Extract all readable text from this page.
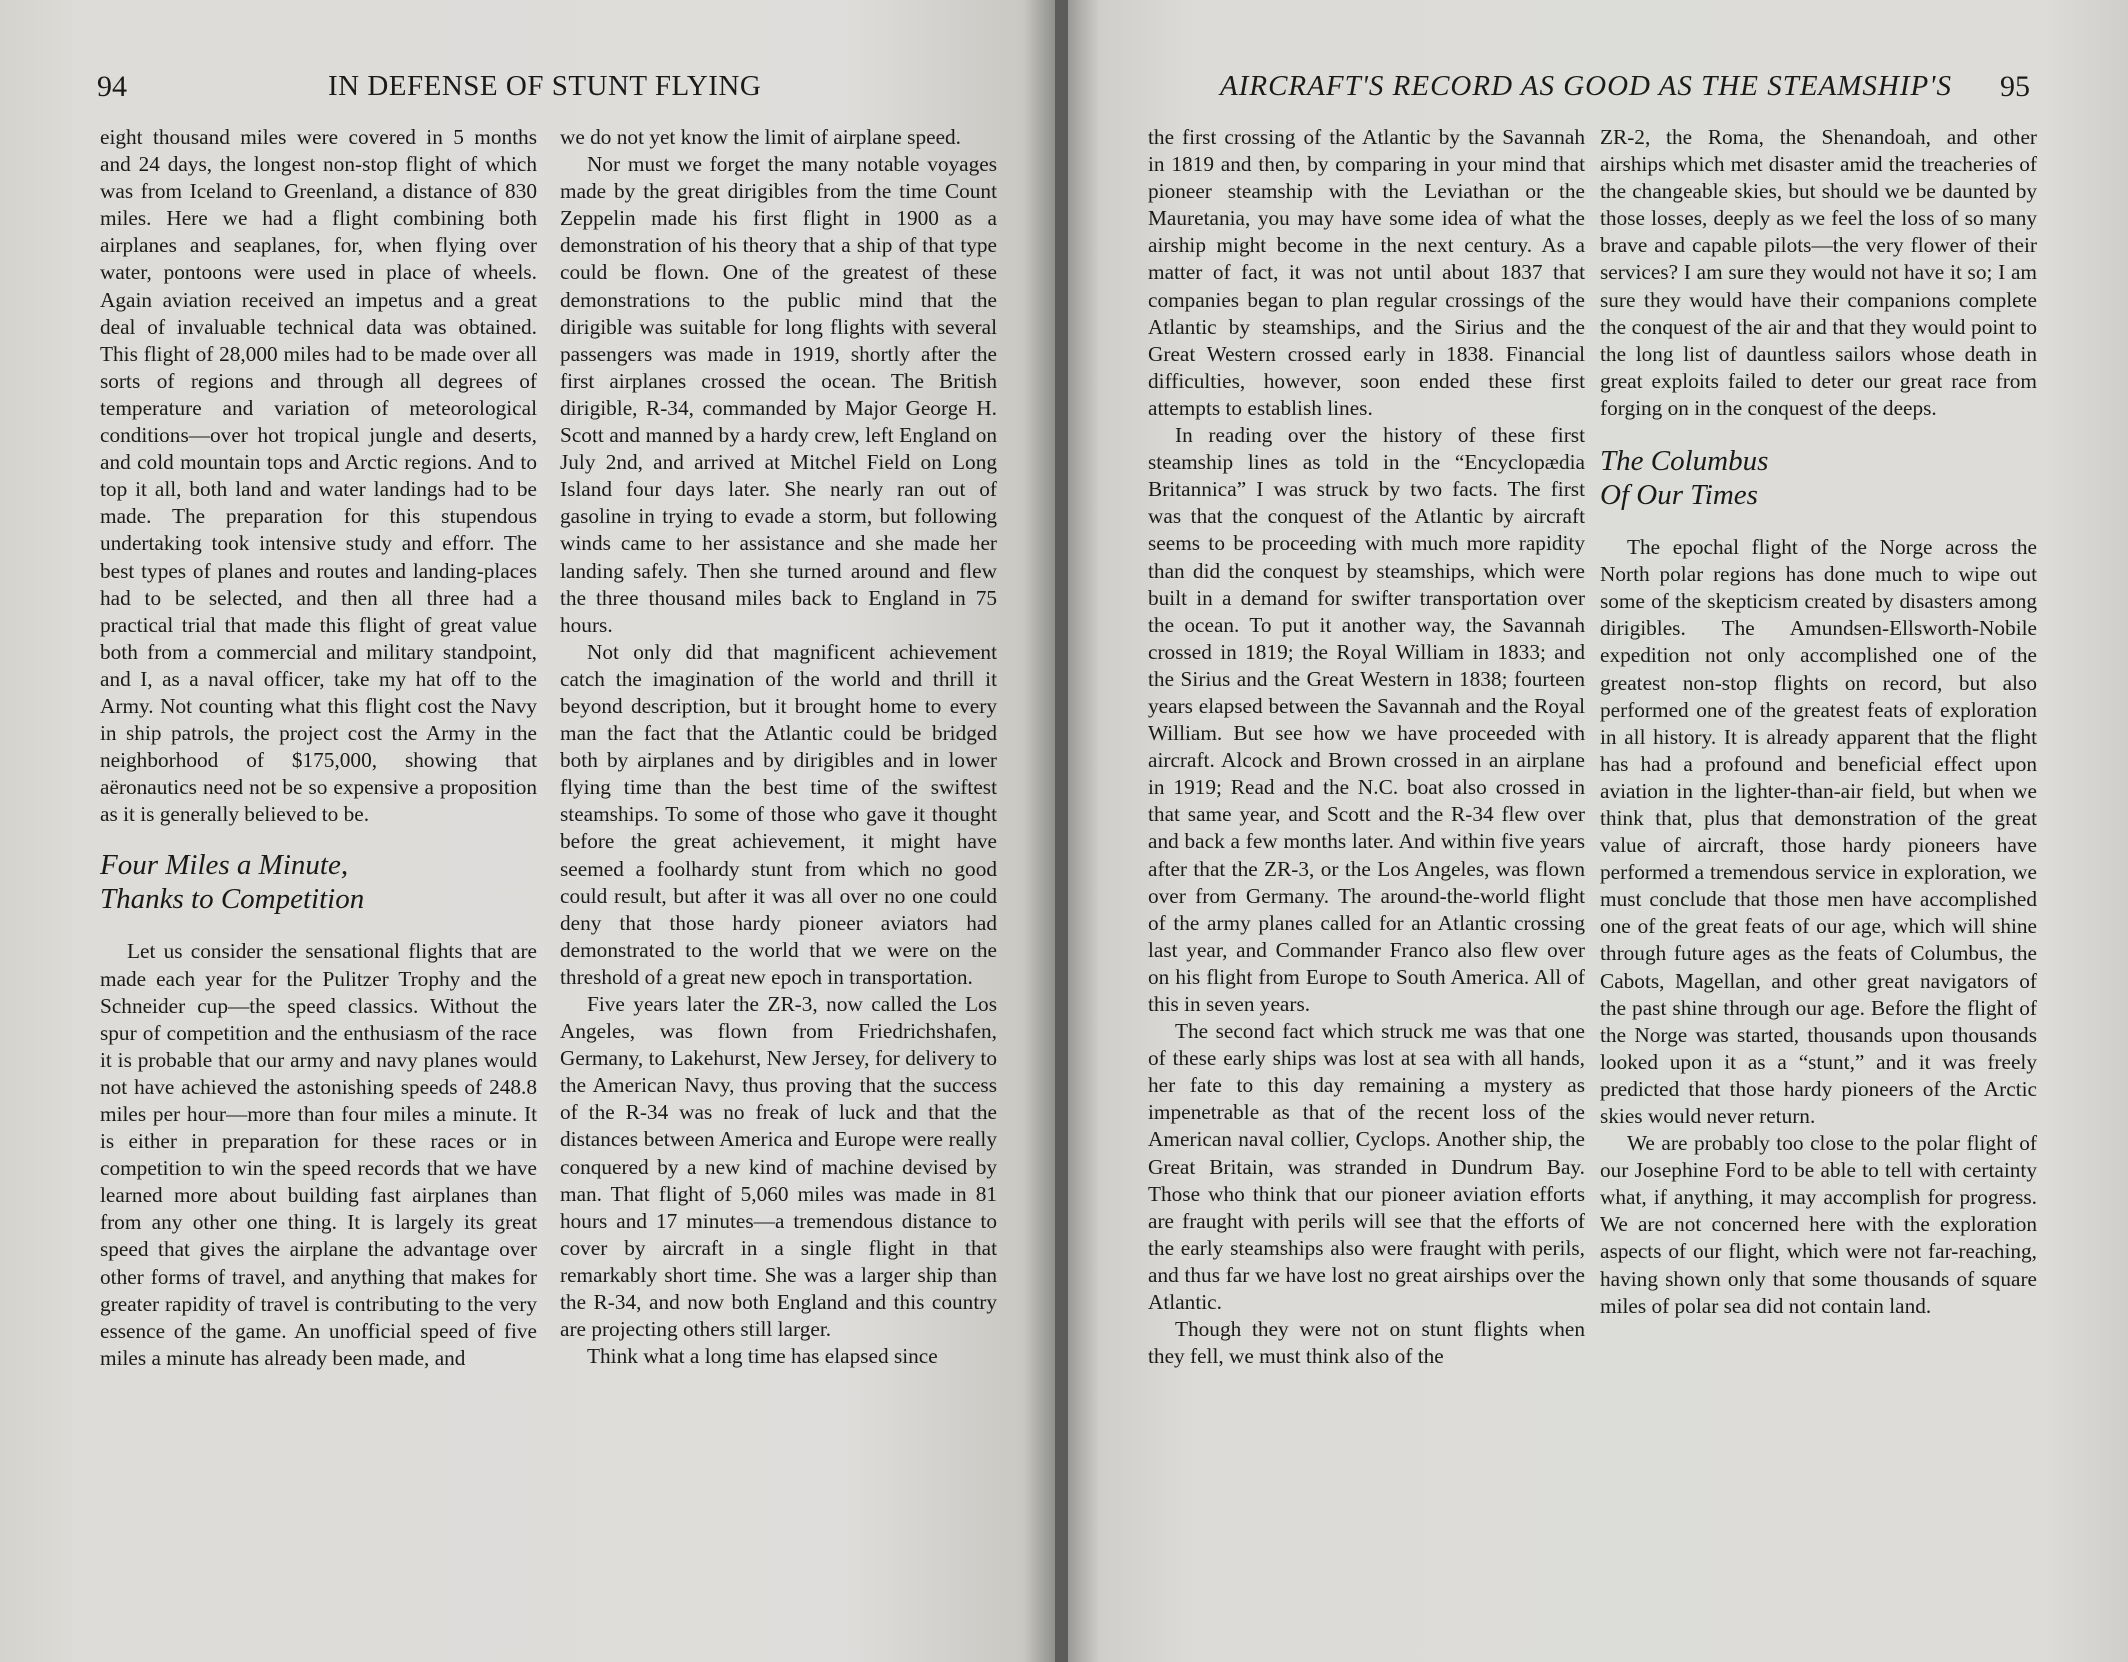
94	IN DEFENSE OF STUNT FLYING

eight thousand miles were covered in 5 months and 24 days, the longest non-stop flight of which was from Iceland to Greenland, a distance of 830 miles. Here we had a flight combining both airplanes and seaplanes, for, when flying over water, pontoons were used in place of wheels. Again aviation received an impetus and a great deal of invaluable technical data was obtained. This flight of 28,000 miles had to be made over all sorts of regions and through all degrees of temperature and variation of meteorological conditions—over hot tropical jungle and deserts, and cold mountain tops and Arctic regions. And to top it all, both land and water landings had to be made. The preparation for this stupendous undertaking took intensive study and efforr. The best types of planes and routes and landing-places had to be selected, and then all three had a practical trial that made this flight of great value both from a commercial and military standpoint, and I, as a naval officer, take my hat off to the Army. Not counting what this flight cost the Navy in ship patrols, the project cost the Army in the neighborhood of $175,000, showing that aëronautics need not be so expensive a proposition as it is generally believed to be.

Four Miles a Minute,
Thanks to Competition

Let us consider the sensational flights that are made each year for the Pulitzer Trophy and the Schneider cup—the speed classics. Without the spur of competition and the enthusiasm of the race it is probable that our army and navy planes would not have achieved the astonishing speeds of 248.8 miles per hour—more than four miles a minute. It is either in preparation for these races or in competition to win the speed records that we have learned more about building fast airplanes than from any other one thing. It is largely its great speed that gives the airplane the advantage over other forms of travel, and anything that makes for greater rapidity of travel is contributing to the very essence of the game. An unofficial speed of five miles a minute has already been made, and

we do not yet know the limit of airplane speed.

Nor must we forget the many notable voyages made by the great dirigibles from the time Count Zeppelin made his first flight in 1900 as a demonstration of his theory that a ship of that type could be flown. One of the greatest of these demonstrations to the public mind that the dirigible was suitable for long flights with several passengers was made in 1919, shortly after the first airplanes crossed the ocean. The British dirigible, R-34, commanded by Major George H. Scott and manned by a hardy crew, left England on July 2nd, and arrived at Mitchel Field on Long Island four days later. She nearly ran out of gasoline in trying to evade a storm, but following winds came to her assistance and she made her landing safely. Then she turned around and flew the three thousand miles back to England in 75 hours.

Not only did that magnificent achievement catch the imagination of the world and thrill it beyond description, but it brought home to every man the fact that the Atlantic could be bridged both by airplanes and by dirigibles and in lower flying time than the best time of the swiftest steamships. To some of those who gave it thought before the great achievement, it might have seemed a foolhardy stunt from which no good could result, but after it was all over no one could deny that those hardy pioneer aviators had demonstrated to the world that we were on the threshold of a great new epoch in transportation.

Five years later the ZR-3, now called the Los Angeles, was flown from Friedrichshafen, Germany, to Lakehurst, New Jersey, for delivery to the American Navy, thus proving that the success of the R-34 was no freak of luck and that the distances between America and Europe were really conquered by a new kind of machine devised by man. That flight of 5,060 miles was made in 81 hours and 17 minutes—a tremendous distance to cover by aircraft in a single flight in that remarkably short time. She was a larger ship than the R-34, and now both England and this country are projecting others still larger.

Think what a long time has elapsed since

AIRCRAFT'S RECORD AS GOOD AS THE STEAMSHIP'S 95

the first crossing of the Atlantic by the Savannah in 1819 and then, by comparing in your mind that pioneer steamship with the Leviathan or the Mauretania, you may have some idea of what the airship might become in the next century. As a matter of fact, it was not until about 1837 that companies began to plan regular crossings of the Atlantic by steamships, and the Sirius and the Great Western crossed early in 1838. Financial difficulties, however, soon ended these first attempts to establish lines.

In reading over the history of these first steamship lines as told in the “Encyclopædia Britannica” I was struck by two facts. The first was that the conquest of the Atlantic by aircraft seems to be proceeding with much more rapidity than did the conquest by steamships, which were built in a demand for swifter transportation over the ocean. To put it another way, the Savannah crossed in 1819; the Royal William in 1833; and the Sirius and the Great Western in 1838; fourteen years elapsed between the Savannah and the Royal William. But see how we have proceeded with aircraft. Alcock and Brown crossed in an airplane in 1919; Read and the N.C. boat also crossed in that same year, and Scott and the R-34 flew over and back a few months later. And within five years after that the ZR-3, or the Los Angeles, was flown over from Germany. The around-the-world flight of the army planes called for an Atlantic crossing last year, and Commander Franco also flew over on his flight from Europe to South America. All of this in seven years.

The second fact which struck me was that one of these early ships was lost at sea with all hands, her fate to this day remaining a mystery as impenetrable as that of the recent loss of the American naval collier, Cyclops. Another ship, the Great Britain, was stranded in Dundrum Bay. Those who think that our pioneer aviation efforts are fraught with perils will see that the efforts of the early steamships also were fraught with perils, and thus far we have lost no great airships over the Atlantic.

Though they were not on stunt flights when they fell, we must think also of the

ZR-2, the Roma, the Shenandoah, and other airships which met disaster amid the treacheries of the changeable skies, but should we be daunted by those losses, deeply as we feel the loss of so many brave and capable pilots—the very flower of their services? I am sure they would not have it so; I am sure they would have their companions complete the conquest of the air and that they would point to the long list of dauntless sailors whose death in great exploits failed to deter our great race from forging on in the conquest of the deeps.

The Columbus
Of Our Times

The epochal flight of the Norge across the North polar regions has done much to wipe out some of the skepticism created by disasters among dirigibles. The Amundsen-Ellsworth-Nobile expedition not only accomplished one of the greatest non-stop flights on record, but also performed one of the greatest feats of exploration in all history. It is already apparent that the flight has had a profound and beneficial effect upon aviation in the lighter-than-air field, but when we think that, plus that demonstration of the great value of aircraft, those hardy pioneers have performed a tremendous service in exploration, we must conclude that those men have accomplished one of the great feats of our age, which will shine through future ages as the feats of Columbus, the Cabots, Magellan, and other great navigators of the past shine through our age. Before the flight of the Norge was started, thousands upon thousands looked upon it as a “stunt,” and it was freely predicted that those hardy pioneers of the Arctic skies would never return.

We are probably too close to the polar flight of our Josephine Ford to be able to tell with certainty what, if anything, it may accomplish for progress. We are not concerned here with the exploration aspects of our flight, which were not far-reaching, having shown only that some thousands of square miles of polar sea did not contain land.
